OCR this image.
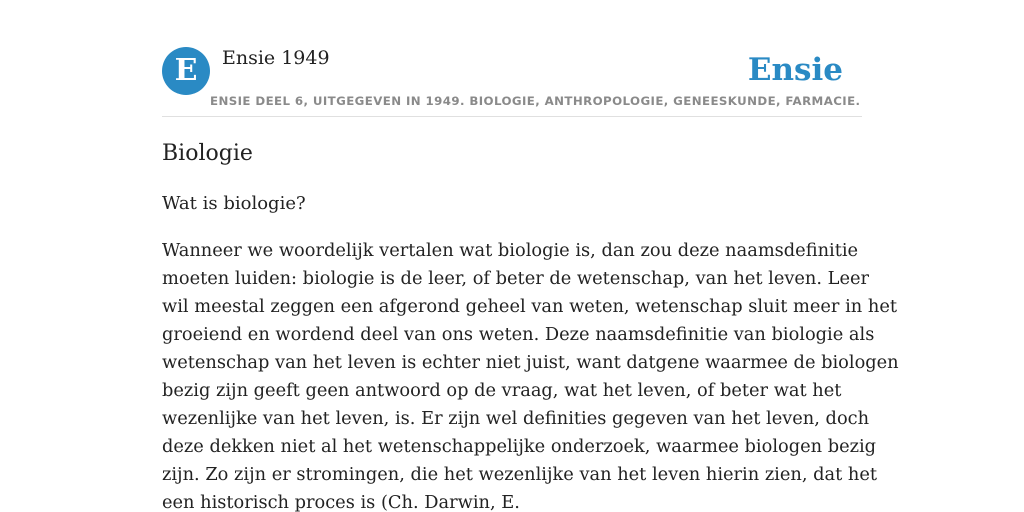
E	Ensie 1949	Ensie
ENSIE DEEL 6, UITGEGEVEN IN 1949. BIOLOGIE, ANTHROPOLOGIE, GENEESKUNDE, FARMACIE.
Biologie

Wat is biologie?

Wanneer we woordelijk vertalen wat biologie is, dan zou deze naamsdefinitie
moeten luiden: biologie is de leer, of beter de wetenschap, van het leven. Leer
wil meestal zeggen een afgerond geheel van weten, wetenschap sluit meer in het
groeiend en wordend deel van ons weten. Deze naamsdefinitie van biologie als
wetenschap van het leven is echter niet juist, want datgene waarmee de biologen
bezig zijn geeft geen antwoord op de vraag, wat het leven, of beter wat het
wezenlijke van het leven, is. Er zijn wel definities gegeven van het leven, doch
deze dekken niet al het wetenschappelijke onderzoek, waarmee biologen bezig
zijn. Zo zijn er stromingen, die het wezenlijke van het leven hierin zien, dat het
een historisch proces is (Ch. Darwin, E.
